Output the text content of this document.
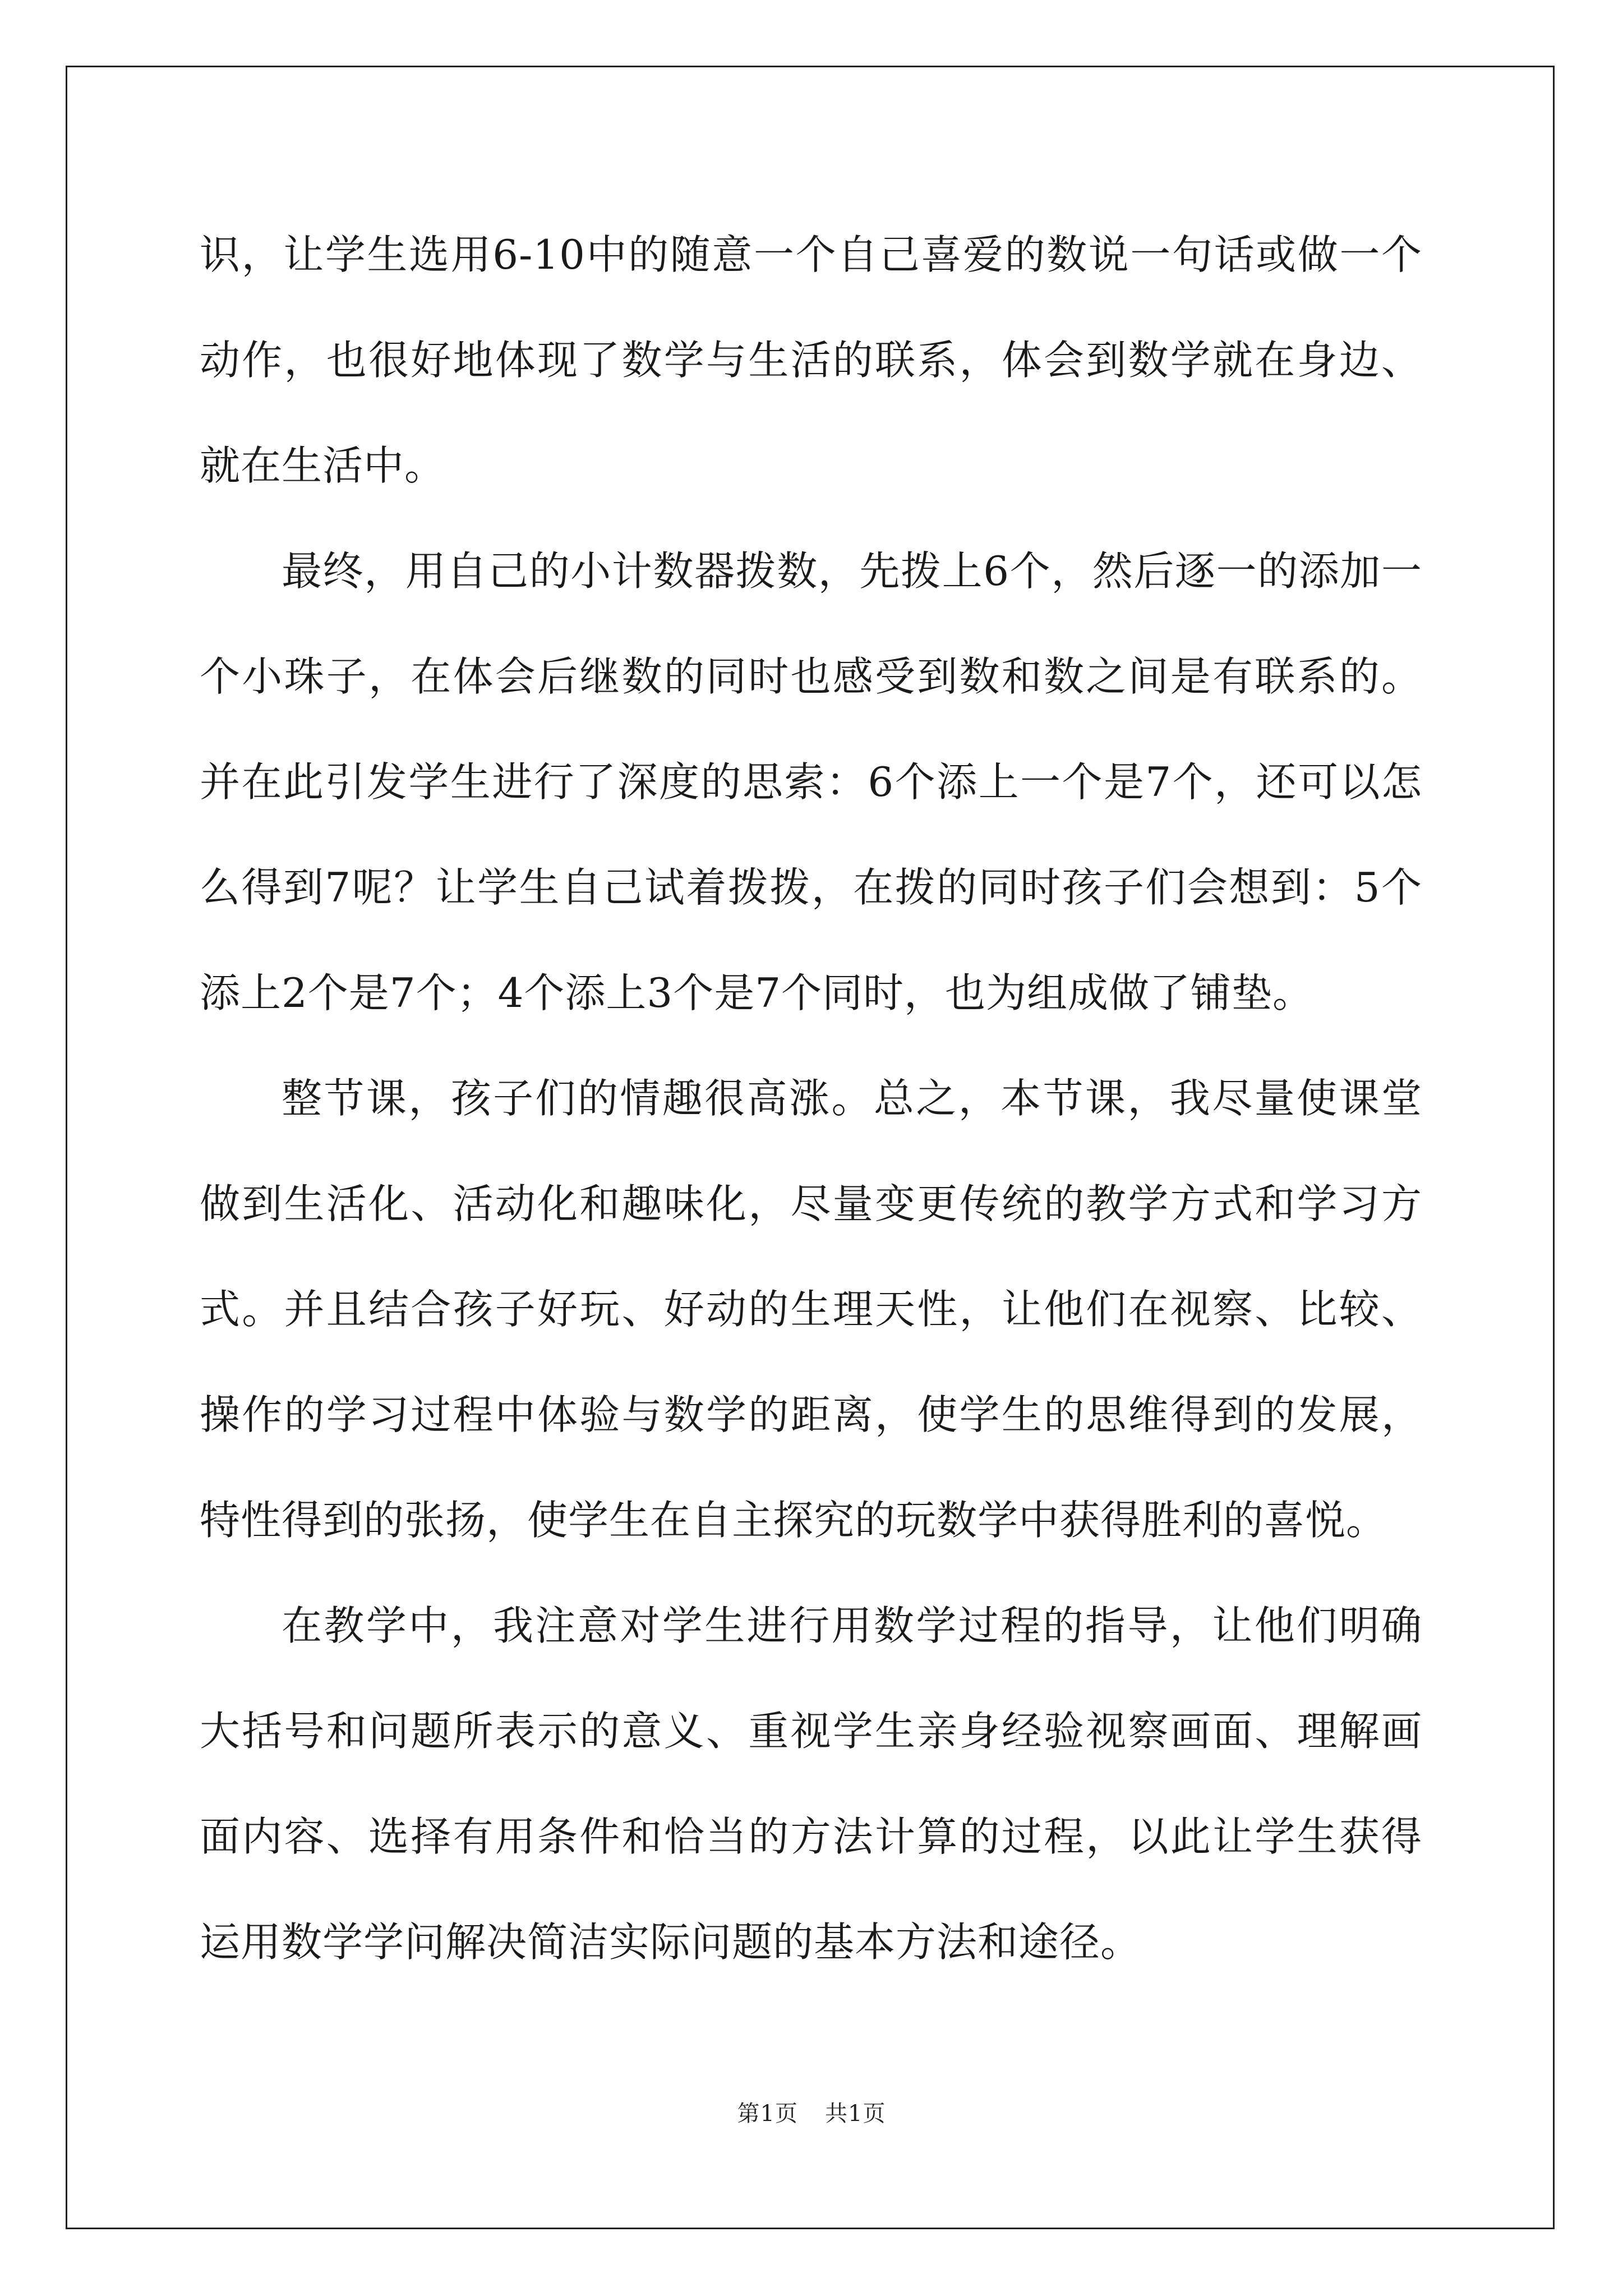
识，让学生选用6-10中的随意一个自己喜爱的数说一句话或做一个动作，也很好地体现了数学与生活的联系，体会到数学就在身边、就在生活中。

最终，用自己的小计数器拨数，先拨上6个，然后逐一的添加一个小珠子，在体会后继数的同时也感受到数和数之间是有联系的。并在此引发学生进行了深度的思索：6个添上一个是7个，还可以怎么得到7呢？让学生自己试着拨拨，在拨的同时孩子们会想到：5个添上2个是7个；4个添上3个是7个同时，也为组成做了铺垫。

整节课，孩子们的情趣很高涨。总之，本节课，我尽量使课堂做到生活化、活动化和趣味化，尽量变更传统的教学方式和学习方式。并且结合孩子好玩、好动的生理天性，让他们在视察、比较、操作的学习过程中体验与数学的距离，使学生的思维得到的发展，特性得到的张扬，使学生在自主探究的玩数学中获得胜利的喜悦。

在教学中，我注意对学生进行用数学过程的指导，让他们明确大括号和问题所表示的意义、重视学生亲身经验视察画面、理解画面内容、选择有用条件和恰当的方法计算的过程，以此让学生获得运用数学学问解决简洁实际问题的基本方法和途径。

第1页 共1页
